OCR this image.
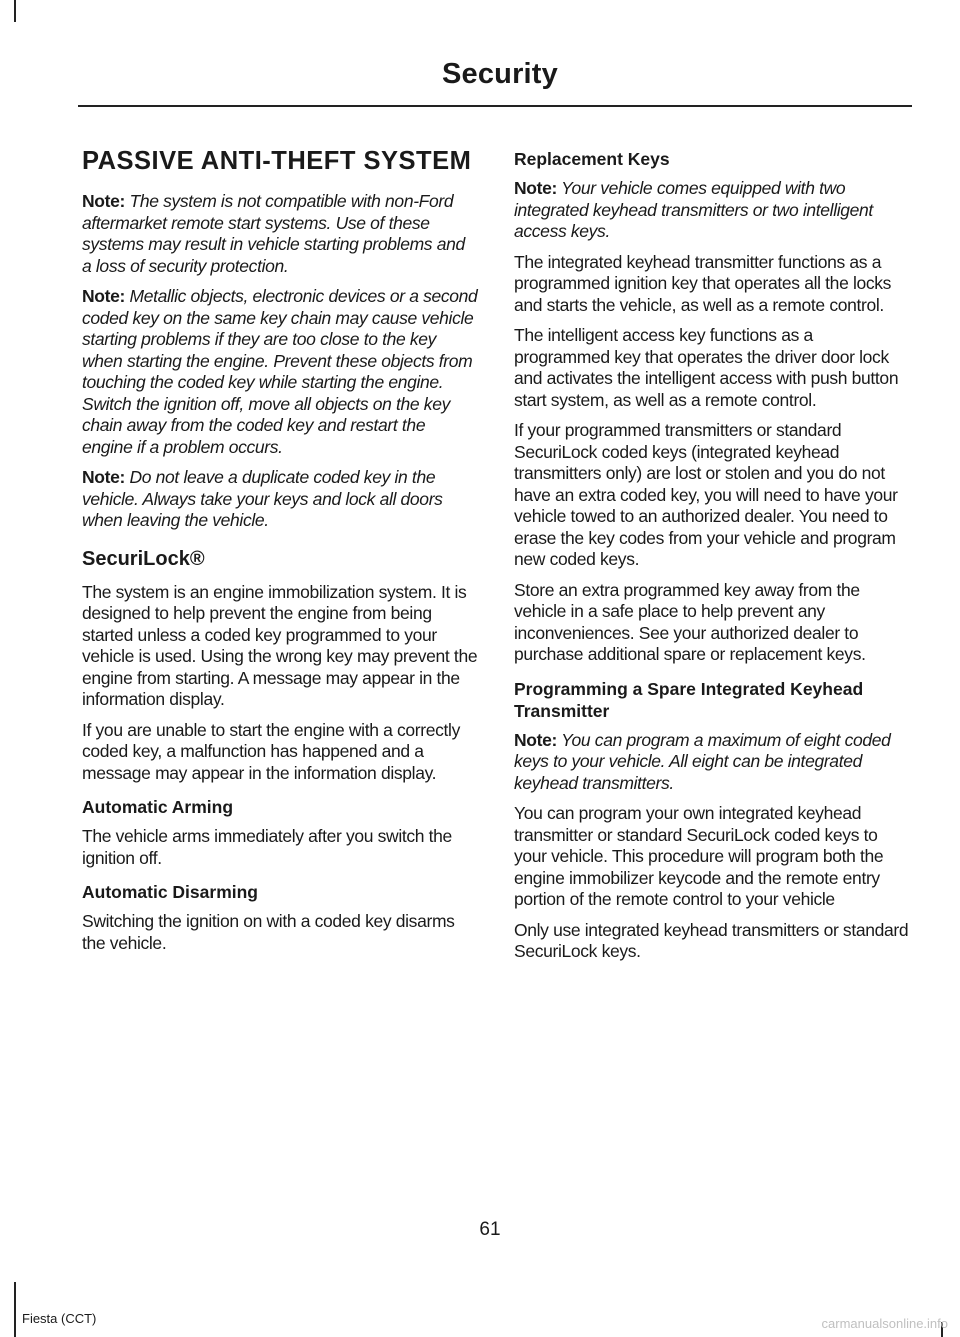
Security
PASSIVE ANTI-THEFT SYSTEM

Note: The system is not compatible with non-Ford aftermarket remote start systems. Use of these systems may result in vehicle starting problems and a loss of security protection.

Note: Metallic objects, electronic devices or a second coded key on the same key chain may cause vehicle starting problems if they are too close to the key when starting the engine. Prevent these objects from touching the coded key while starting the engine. Switch the ignition off, move all objects on the key chain away from the coded key and restart the engine if a problem occurs.

Note: Do not leave a duplicate coded key in the vehicle. Always take your keys and lock all doors when leaving the vehicle.

SecuriLock®

The system is an engine immobilization system. It is designed to help prevent the engine from being started unless a coded key programmed to your vehicle is used. Using the wrong key may prevent the engine from starting. A message may appear in the information display.

If you are unable to start the engine with a correctly coded key, a malfunction has happened and a message may appear in the information display.

Automatic Arming

The vehicle arms immediately after you switch the ignition off.

Automatic Disarming

Switching the ignition on with a coded key disarms the vehicle.

Replacement Keys

Note: Your vehicle comes equipped with two integrated keyhead transmitters or two intelligent access keys.

The integrated keyhead transmitter functions as a programmed ignition key that operates all the locks and starts the vehicle, as well as a remote control.

The intelligent access key functions as a programmed key that operates the driver door lock and activates the intelligent access with push button start system, as well as a remote control.

If your programmed transmitters or standard SecuriLock coded keys (integrated keyhead transmitters only) are lost or stolen and you do not have an extra coded key, you will need to have your vehicle towed to an authorized dealer. You need to erase the key codes from your vehicle and program new coded keys.

Store an extra programmed key away from the vehicle in a safe place to help prevent any inconveniences. See your authorized dealer to purchase additional spare or replacement keys.

Programming a Spare Integrated Keyhead Transmitter

Note: You can program a maximum of eight coded keys to your vehicle. All eight can be integrated keyhead transmitters.

You can program your own integrated keyhead transmitter or standard SecuriLock coded keys to your vehicle. This procedure will program both the engine immobilizer keycode and the remote entry portion of the remote control to your vehicle

Only use integrated keyhead transmitters or standard SecuriLock keys.

61
Fiesta (CCT)	carmanualsonline.info
